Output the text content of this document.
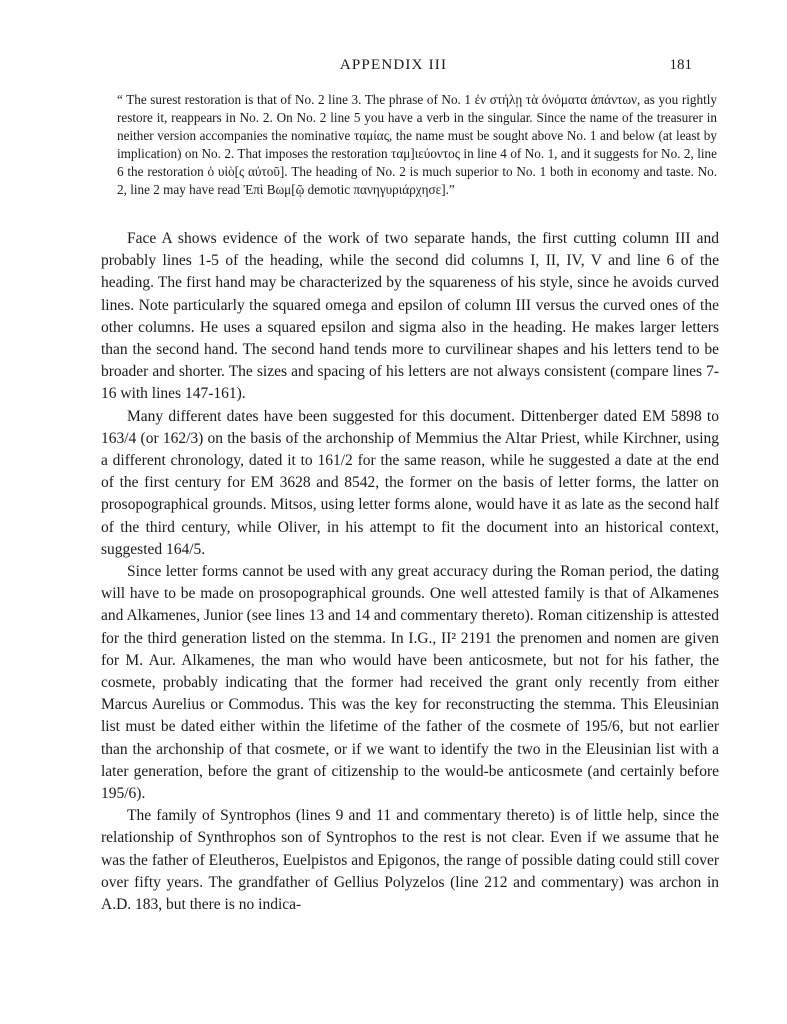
APPENDIX III	181

“ The surest restoration is that of No. 2 line 3. The phrase of No. 1 ἐν στήλῃ τὰ ὀνόματα ἀπάντων, as you rightly restore it, reappears in No. 2. On No. 2 line 5 you have a verb in the singular. Since the name of the treasurer in neither version accompanies the nominative ταμίας, the name must be sought above No. 1 and below (at least by implication) on No. 2. That imposes the restoration ταμ]ιεύοντος in line 4 of No. 1, and it suggests for No. 2, line 6 the restoration ὁ υἱὸ[ς αὐτοῦ]. The heading of No. 2 is much superior to No. 1 both in economy and taste. No. 2, line 2 may have read Ἐπὶ Βωμ[ῷ demotic πανηγυριάρχησε].”

Face A shows evidence of the work of two separate hands, the first cutting column III and probably lines 1-5 of the heading, while the second did columns I, II, IV, V and line 6 of the heading. The first hand may be characterized by the squareness of his style, since he avoids curved lines. Note particularly the squared omega and epsilon of column III versus the curved ones of the other columns. He uses a squared epsilon and sigma also in the heading. He makes larger letters than the second hand. The second hand tends more to curvilinear shapes and his letters tend to be broader and shorter. The sizes and spacing of his letters are not always consistent (compare lines 7-16 with lines 147-161).

Many different dates have been suggested for this document. Dittenberger dated EM 5898 to 163/4 (or 162/3) on the basis of the archonship of Memmius the Altar Priest, while Kirchner, using a different chronology, dated it to 161/2 for the same reason, while he suggested a date at the end of the first century for EM 3628 and 8542, the former on the basis of letter forms, the latter on prosopographical grounds. Mitsos, using letter forms alone, would have it as late as the second half of the third century, while Oliver, in his attempt to fit the document into an historical context, suggested 164/5.

Since letter forms cannot be used with any great accuracy during the Roman period, the dating will have to be made on prosopographical grounds. One well attested family is that of Alkamenes and Alkamenes, Junior (see lines 13 and 14 and commentary thereto). Roman citizenship is attested for the third generation listed on the stemma. In I.G., II² 2191 the prenomen and nomen are given for M. Aur. Alkamenes, the man who would have been anticosmete, but not for his father, the cosmete, probably indicating that the former had received the grant only recently from either Marcus Aurelius or Commodus. This was the key for reconstructing the stemma. This Eleusinian list must be dated either within the lifetime of the father of the cosmete of 195/6, but not earlier than the archonship of that cosmete, or if we want to identify the two in the Eleusinian list with a later generation, before the grant of citizenship to the would-be anticosmete (and certainly before 195/6).

The family of Syntrophos (lines 9 and 11 and commentary thereto) is of little help, since the relationship of Synthrophos son of Syntrophos to the rest is not clear. Even if we assume that he was the father of Eleutheros, Euelpistos and Epigonos, the range of possible dating could still cover over fifty years. The grandfather of Gellius Polyzelos (line 212 and commentary) was archon in A.D. 183, but there is no indica-
